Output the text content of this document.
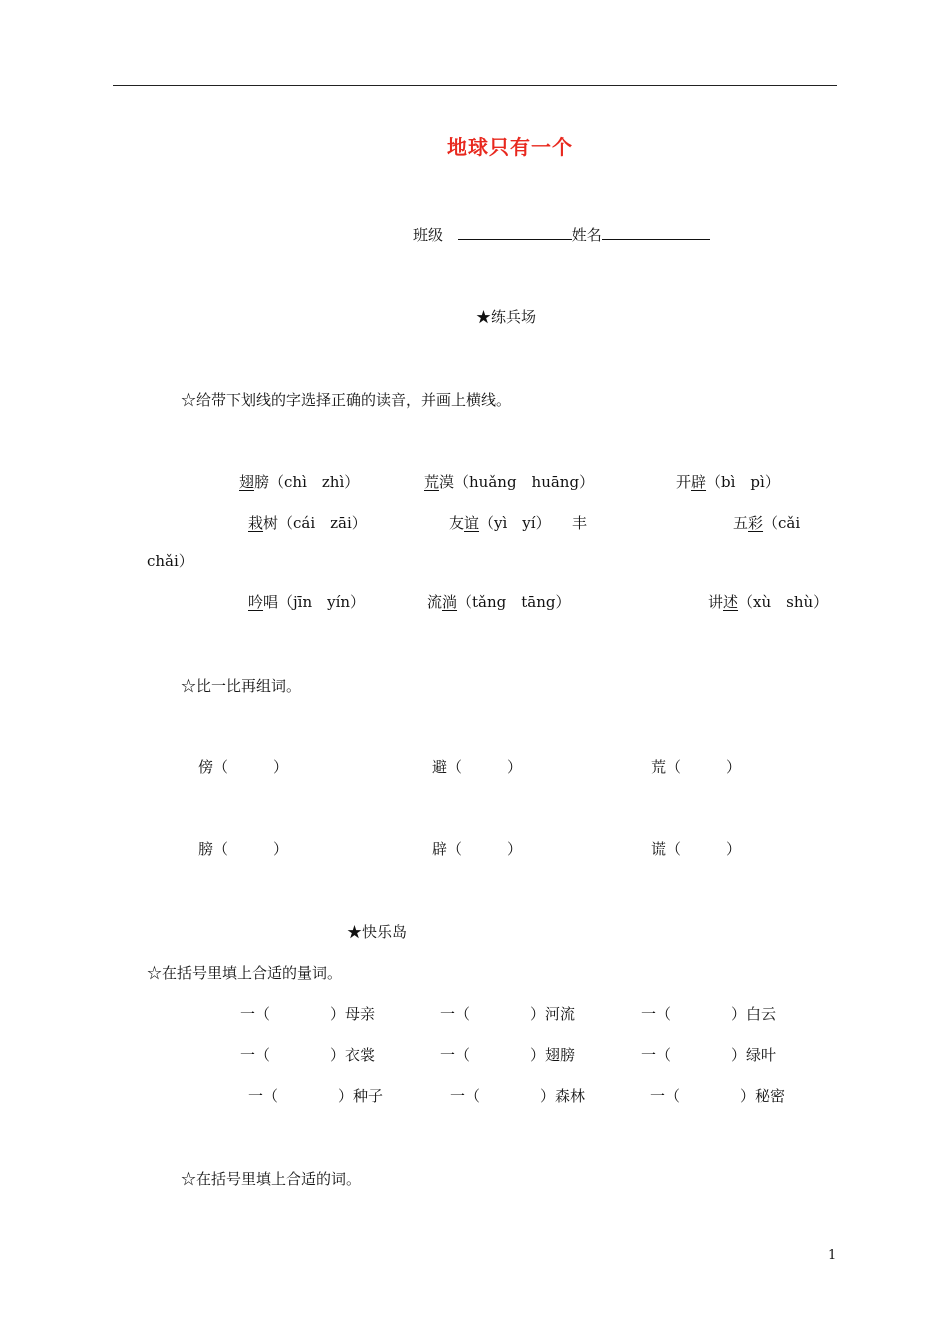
地球只有一个
班级	姓名
★练兵场
☆给带下划线的字选择正确的读音，并画上横线。
翅膀（chì　zhì）	荒漠（huǎng　huāng）	开辟（bì　pì）
栽树（cái　zāi）	友谊（yì　yí） 丰	五彩（cǎi
chǎi）
吟唱（jīn　yín）	流淌（tǎng　tāng）	讲述（xù　shù）
☆比一比再组词。
傍（　　　）	避（　　　）	荒（　　　）
膀（　　　）	辟（　　　）	谎（　　　）
★快乐岛
☆在括号里填上合适的量词。
一（　　　　）母亲	一（　　　　）河流	一（　　　　）白云
一（　　　　）衣裳	一（　　　　）翅膀	一（　　　　）绿叶
一（　　　　）种子	一（　　　　）森林	一（　　　　）秘密
☆在括号里填上合适的词。
1
